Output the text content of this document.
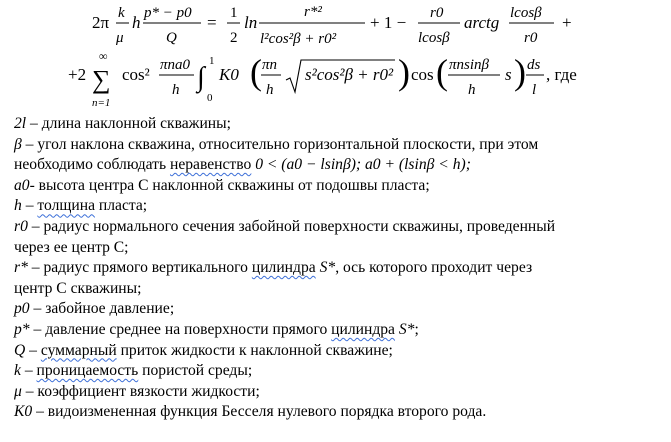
2π k
μ
h p* − p0
Q
= 1
2
ln
r*²
l²cos²β + r0²
+ 1 − r0
lcosβ
arctg lcosβ
r0
+
+2
∞
∑
n=1
cos² πna0
h ∫
1
0
K0 ( πn
h
s²cos²β + r0² ) cos ( πnsinβ
h
s ) ds
l
, где
2l – длина наклонной скважины;
β – угол наклона скважина, относительно горизонтальной плоскости, при этом
необходимо соблюдать неравенство 0 < (a0 − lsinβ); a0 + (lsinβ < h);
a0- высота центра С наклонной скважины от подошвы пласта;
h – толщина пласта;
r0 – радиус нормального сечения забойной поверхности скважины, проведенный
через ее центр С;
r* – радиус прямого вертикального цилиндра S*, ось которого проходит через
центр С скважины;
p0 – забойное давление;
p* – давление среднее на поверхности прямого цилиндра S*;
Q – суммарный приток жидкости к наклонной скважине;
k – проницаемость пористой среды;
μ – коэффициент вязкости жидкости;
K0 – видоизмененная функция Бесселя нулевого порядка второго рода.
